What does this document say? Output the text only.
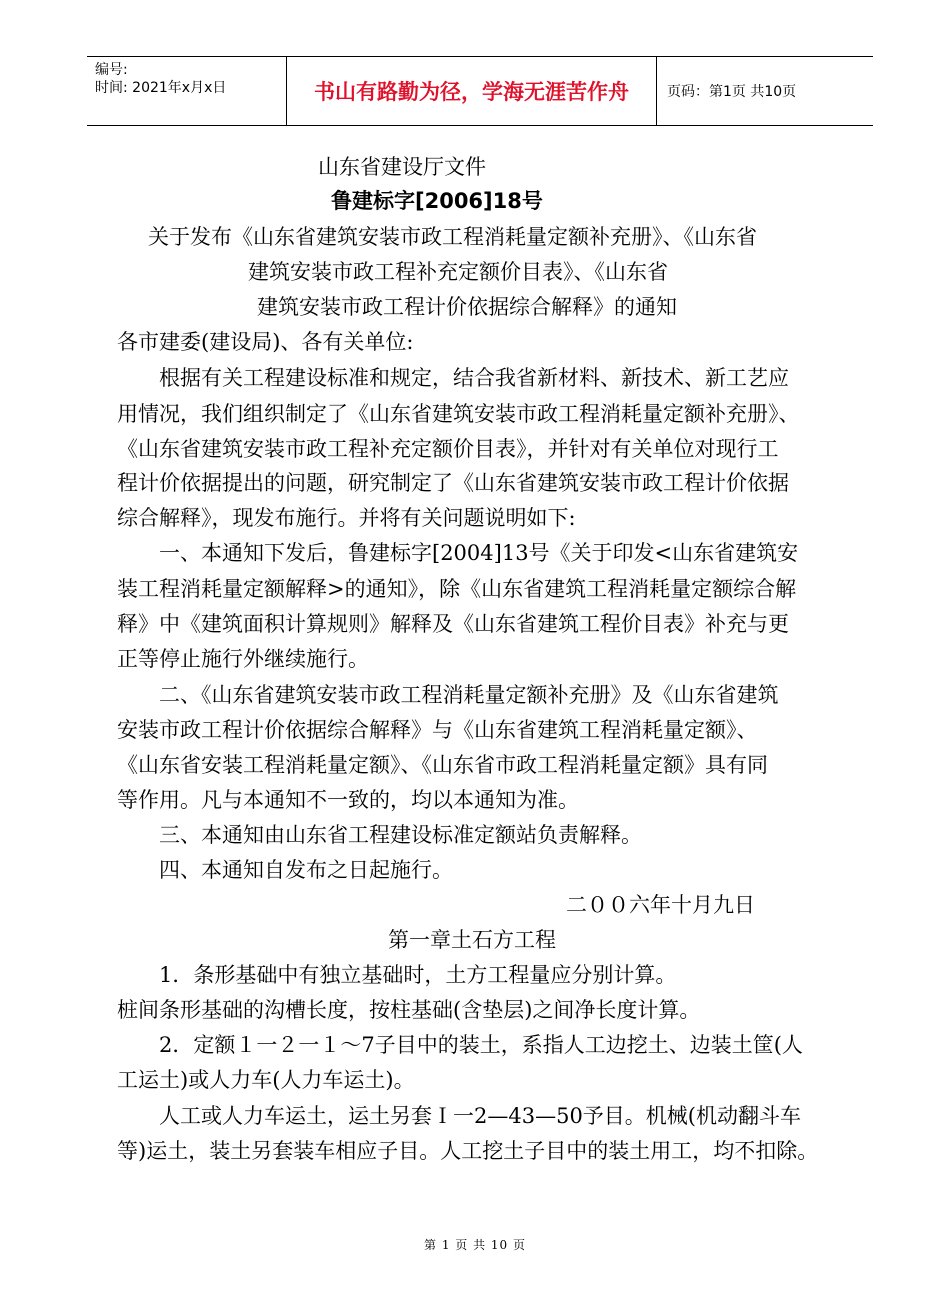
编号:
时间: 2021年x月x日	书山有路勤为径，学海无涯苦作舟	页码：第1页 共10页
山东省建设厅文件
鲁建标字[2006]18号
关于发布《山东省建筑安装市政工程消耗量定额补充册》、《山东省
建筑安装市政工程补充定额价目表》、《山东省
建筑安装市政工程计价依据综合解释》的通知
各市建委(建设局)、各有关单位:
根据有关工程建设标准和规定，结合我省新材料、新技术、新工艺应
用情况，我们组织制定了《山东省建筑安装市政工程消耗量定额补充册》、
《山东省建筑安装市政工程补充定额价目表》，并针对有关单位对现行工
程计价依据提出的问题，研究制定了《山东省建筑安装市政工程计价依据
综合解释》，现发布施行。并将有关问题说明如下:
一、本通知下发后，鲁建标字[2004]13号《关于印发<山东省建筑安
装工程消耗量定额解释>的通知》，除《山东省建筑工程消耗量定额综合解
释》中《建筑面积计算规则》解释及《山东省建筑工程价目表》补充与更
正等停止施行外继续施行。
二、《山东省建筑安装市政工程消耗量定额补充册》及《山东省建筑
安装市政工程计价依据综合解释》与《山东省建筑工程消耗量定额》、
《山东省安装工程消耗量定额》、《山东省市政工程消耗量定额》具有同
等作用。凡与本通知不一致的，均以本通知为准。
三、本通知由山东省工程建设标准定额站负责解释。
四、本通知自发布之日起施行。
二００六年十月九日
第一章土石方工程
1．条形基础中有独立基础时，土方工程量应分别计算。
桩间条形基础的沟槽长度，按柱基础(含垫层)之间净长度计算。
2．定额１一２一１～7子目中的装土，系指人工边挖土、边装土筐(人
工运土)或人力车(人力车运土)。
人工或人力车运土，运土另套Ｉ一2—43—50予目。机械(机动翻斗车
等)运土，装土另套装车相应子目。人工挖土子目中的装土用工，均不扣除。
第 1 页 共 10 页
